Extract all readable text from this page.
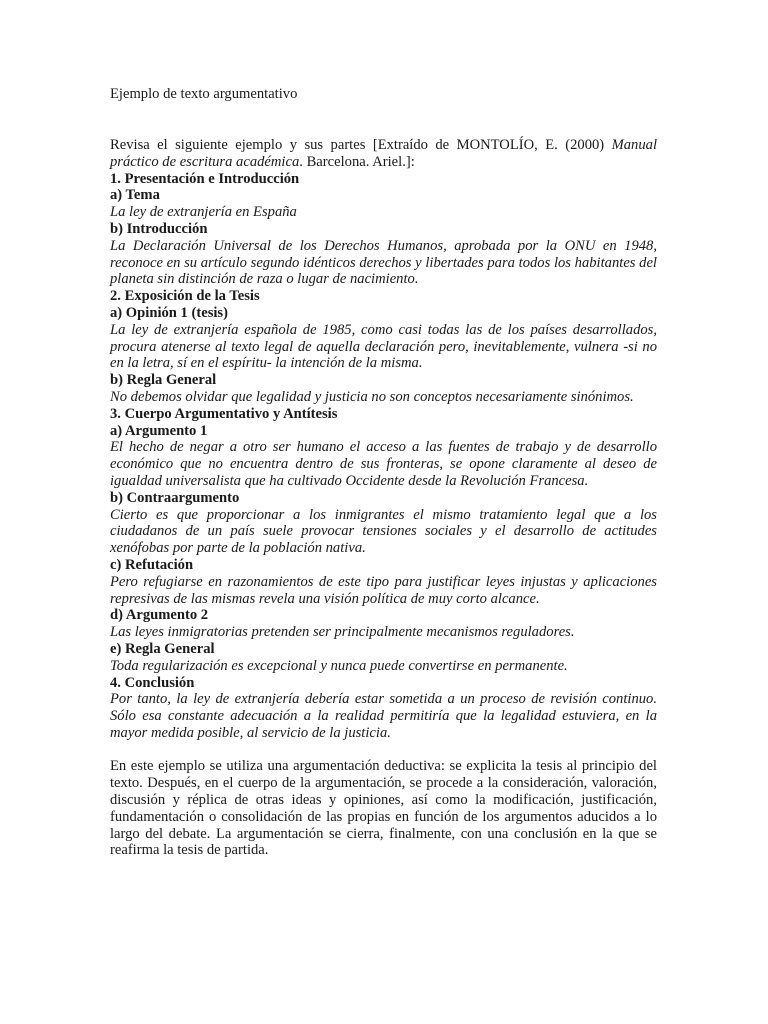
Ejemplo de texto argumentativo

Revisa el siguiente ejemplo y sus partes [Extraído de MONTOLÍO, E. (2000) Manual práctico de escritura académica. Barcelona. Ariel.]:

1. Presentación e Introducción

a) Tema

La ley de extranjería en España

b) Introducción

La Declaración Universal de los Derechos Humanos, aprobada por la ONU en 1948, reconoce en su artículo segundo idénticos derechos y libertades para todos los habitantes del planeta sin distinción de raza o lugar de nacimiento.

2. Exposición de la Tesis

a) Opinión 1 (tesis)

La ley de extranjería española de 1985, como casi todas las de los países desarrollados, procura atenerse al texto legal de aquella declaración pero, inevitablemente, vulnera -si no en la letra, sí en el espíritu- la intención de la misma.

b) Regla General

No debemos olvidar que legalidad y justicia no son conceptos necesariamente sinónimos.

3. Cuerpo Argumentativo y Antítesis

a) Argumento 1

El hecho de negar a otro ser humano el acceso a las fuentes de trabajo y de desarrollo económico que no encuentra dentro de sus fronteras, se opone claramente al deseo de igualdad universalista que ha cultivado Occidente desde la Revolución Francesa.

b) Contraargumento

Cierto es que proporcionar a los inmigrantes el mismo tratamiento legal que a los ciudadanos de un país suele provocar tensiones sociales y el desarrollo de actitudes xenófobas por parte de la población nativa.

c) Refutación

Pero refugiarse en razonamientos de este tipo para justificar leyes injustas y aplicaciones represivas de las mismas revela una visión política de muy corto alcance.

d) Argumento 2

Las leyes inmigratorias pretenden ser principalmente mecanismos reguladores.

e) Regla General

Toda regularización es excepcional y nunca puede convertirse en permanente.

4. Conclusión

Por tanto, la ley de extranjería debería estar sometida a un proceso de revisión continuo. Sólo esa constante adecuación a la realidad permitiría que la legalidad estuviera, en la mayor medida posible, al servicio de la justicia.

En este ejemplo se utiliza una argumentación deductiva: se explicita la tesis al principio del texto. Después, en el cuerpo de la argumentación, se procede a la consideración, valoración, discusión y réplica de otras ideas y opiniones, así como la modificación, justificación, fundamentación o consolidación de las propias en función de los argumentos aducidos a lo largo del debate. La argumentación se cierra, finalmente, con una conclusión en la que se reafirma la tesis de partida.
